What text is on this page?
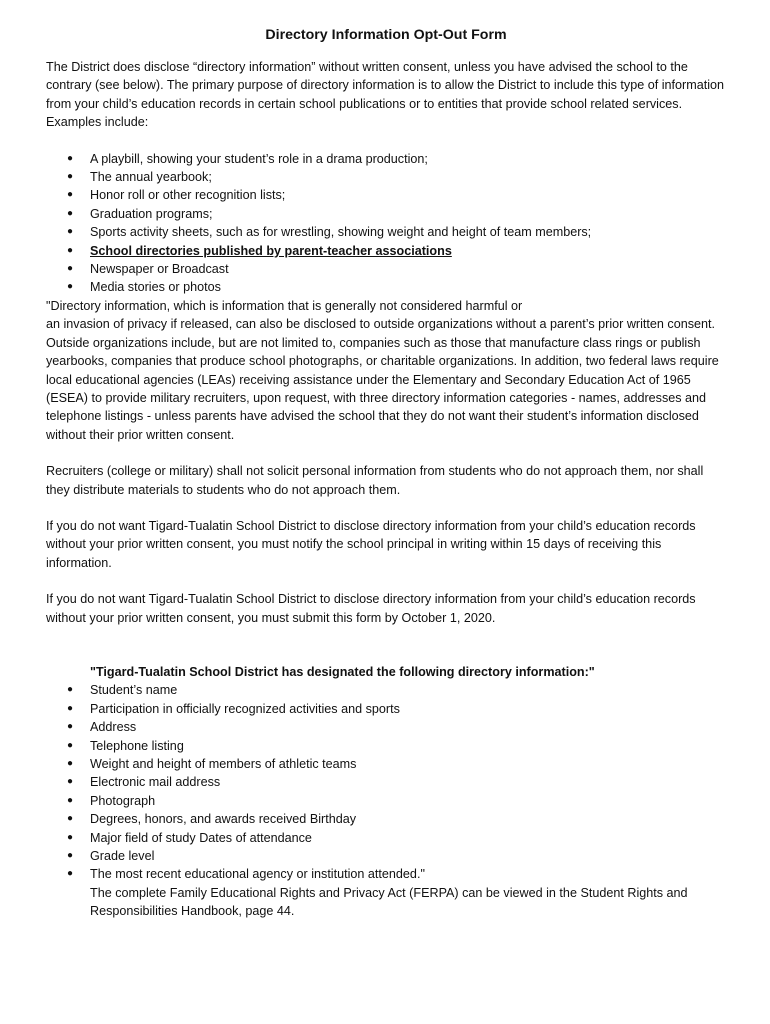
Directory Information Opt-Out Form

The District does disclose “directory information” without written consent, unless you have advised the school to the contrary (see below). The primary purpose of directory information is to allow the District to include this type of information from your child’s education records in certain school publications or to entities that provide school related services. Examples include:

● A playbill, showing your student’s role in a drama production;
● The annual yearbook;
● Honor roll or other recognition lists;
● Graduation programs;
● Sports activity sheets, such as for wrestling, showing weight and height of team members;
● School directories published by parent-teacher associations
● Newspaper or Broadcast
● Media stories or photos
"Directory information, which is information that is generally not considered harmful or
an invasion of privacy if released, can also be disclosed to outside organizations without a parent’s prior written consent. Outside organizations include, but are not limited to, companies such as those that manufacture class rings or publish yearbooks, companies that produce school photographs, or charitable organizations. In addition, two federal laws require local educational agencies (LEAs) receiving assistance under the Elementary and Secondary Education Act of 1965 (ESEA) to provide military recruiters, upon request, with three directory information categories - names, addresses and telephone listings - unless parents have advised the school that they do not want their student’s information disclosed without their prior written consent.

Recruiters (college or military) shall not solicit personal information from students who do not approach them, nor shall they distribute materials to students who do not approach them.

If you do not want Tigard-Tualatin School District to disclose directory information from your child’s education records without your prior written consent, you must notify the school principal in writing within 15 days of receiving this information.

If you do not want Tigard-Tualatin School District to disclose directory information from your child’s education records without your prior written consent, you must submit this form by October 1, 2020.

"Tigard-Tualatin School District has designated the following directory information:"
● Student’s name
● Participation in officially recognized activities and sports
● Address
● Telephone listing
● Weight and height of members of athletic teams
● Electronic mail address
● Photograph
● Degrees, honors, and awards received Birthday
● Major field of study Dates of attendance
● Grade level
● The most recent educational agency or institution attended."
The complete Family Educational Rights and Privacy Act (FERPA) can be viewed in the Student Rights and Responsibilities Handbook, page 44.
